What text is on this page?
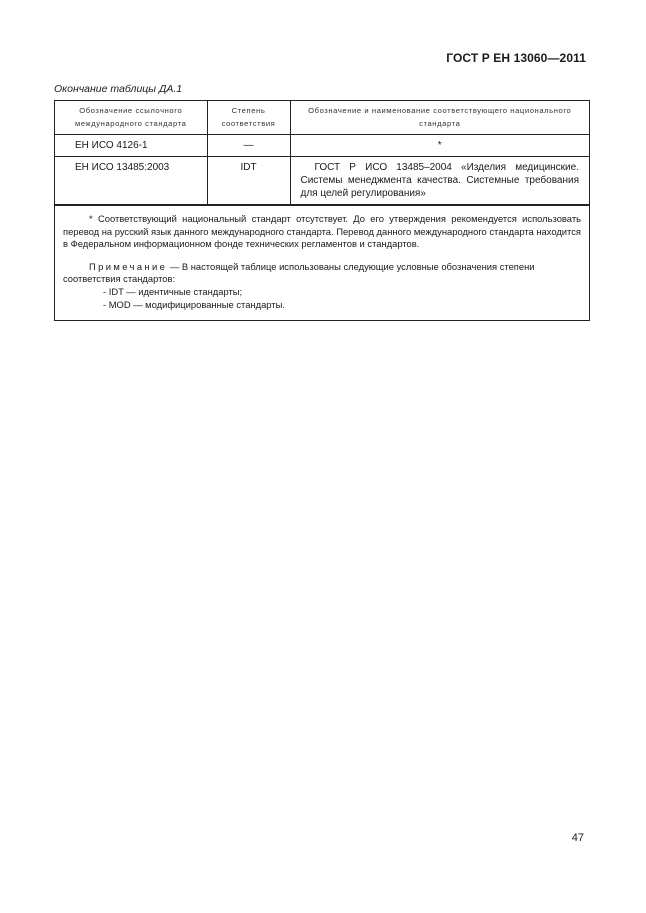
ГОСТ Р ЕН 13060—2011
Окончание таблицы ДА.1
Обозначение ссылочного международного стандарта	Степень соответствия	Обозначение и наименование соответствующего национального стандарта
ЕН ИСО 4126-1	—	*
ЕН ИСО 13485:2003	IDT	ГОСТ Р ИСО 13485–2004 «Изделия медицинские. Системы менеджмента качества. Системные требования для целей регулирования»

* Соответствующий национальный стандарт отсутствует. До его утверждения рекомендуется использовать перевод на русский язык данного международного стандарта. Перевод данного международного стандарта находится в Федеральном информационном фонде технических регламентов и стандартов.

Примечание — В настоящей таблице использованы следующие условные обозначения степени соответствия стандартов:

- IDT — идентичные стандарты;

- MOD — модифицированные стандарты.

47
